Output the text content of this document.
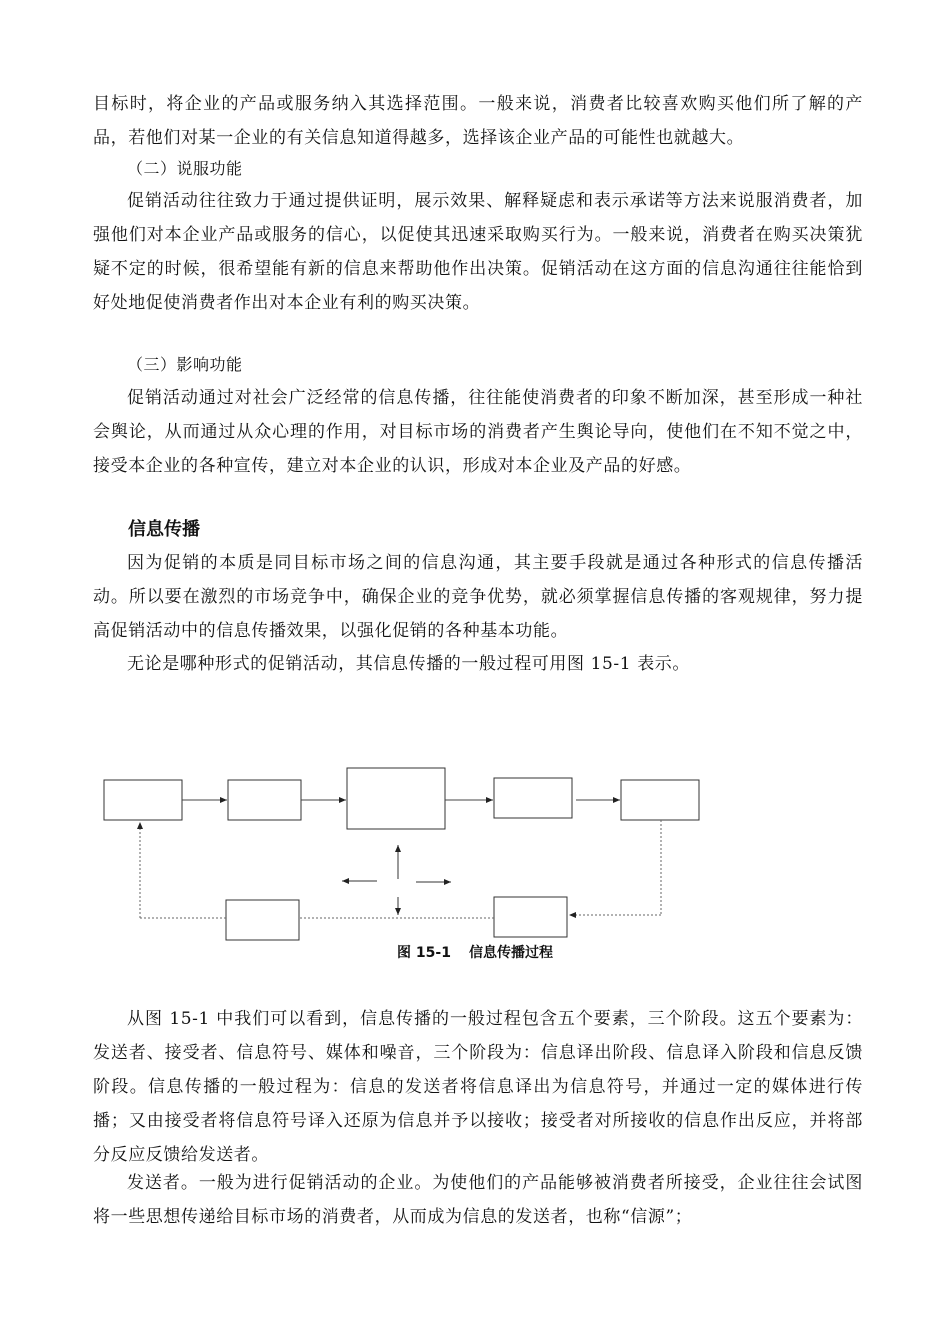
目标时，将企业的产品或服务纳入其选择范围。一般来说，消费者比较喜欢购买他们所了解的产品，若他们对某一企业的有关信息知道得越多，选择该企业产品的可能性也就越大。

（二）说服功能

促销活动往往致力于通过提供证明，展示效果、解释疑虑和表示承诺等方法来说服消费者，加强他们对本企业产品或服务的信心，以促使其迅速采取购买行为。一般来说，消费者在购买决策犹疑不定的时候，很希望能有新的信息来帮助他作出决策。促销活动在这方面的信息沟通往往能恰到好处地促使消费者作出对本企业有利的购买决策。

（三）影响功能

促销活动通过对社会广泛经常的信息传播，往往能使消费者的印象不断加深，甚至形成一种社会舆论，从而通过从众心理的作用，对目标市场的消费者产生舆论导向，使他们在不知不觉之中，接受本企业的各种宣传，建立对本企业的认识，形成对本企业及产品的好感。

信息传播

因为促销的本质是同目标市场之间的信息沟通，其主要手段就是通过各种形式的信息传播活动。所以要在激烈的市场竞争中，确保企业的竞争优势，就必须掌握信息传播的客观规律，努力提高促销活动中的信息传播效果，以强化促销的各种基本功能。

无论是哪种形式的促销活动，其信息传播的一般过程可用图 15-1 表示。

图 15-1 信息传播过程

从图 15-1 中我们可以看到，信息传播的一般过程包含五个要素，三个阶段。这五个要素为：发送者、接受者、信息符号、媒体和噪音，三个阶段为：信息译出阶段、信息译入阶段和信息反馈阶段。信息传播的一般过程为：信息的发送者将信息译出为信息符号，并通过一定的媒体进行传播；又由接受者将信息符号译入还原为信息并予以接收；接受者对所接收的信息作出反应，并将部分反应反馈给发送者。

发送者。一般为进行促销活动的企业。为使他们的产品能够被消费者所接受，企业往往会试图将一些思想传递给目标市场的消费者，从而成为信息的发送者，也称“信源”；
